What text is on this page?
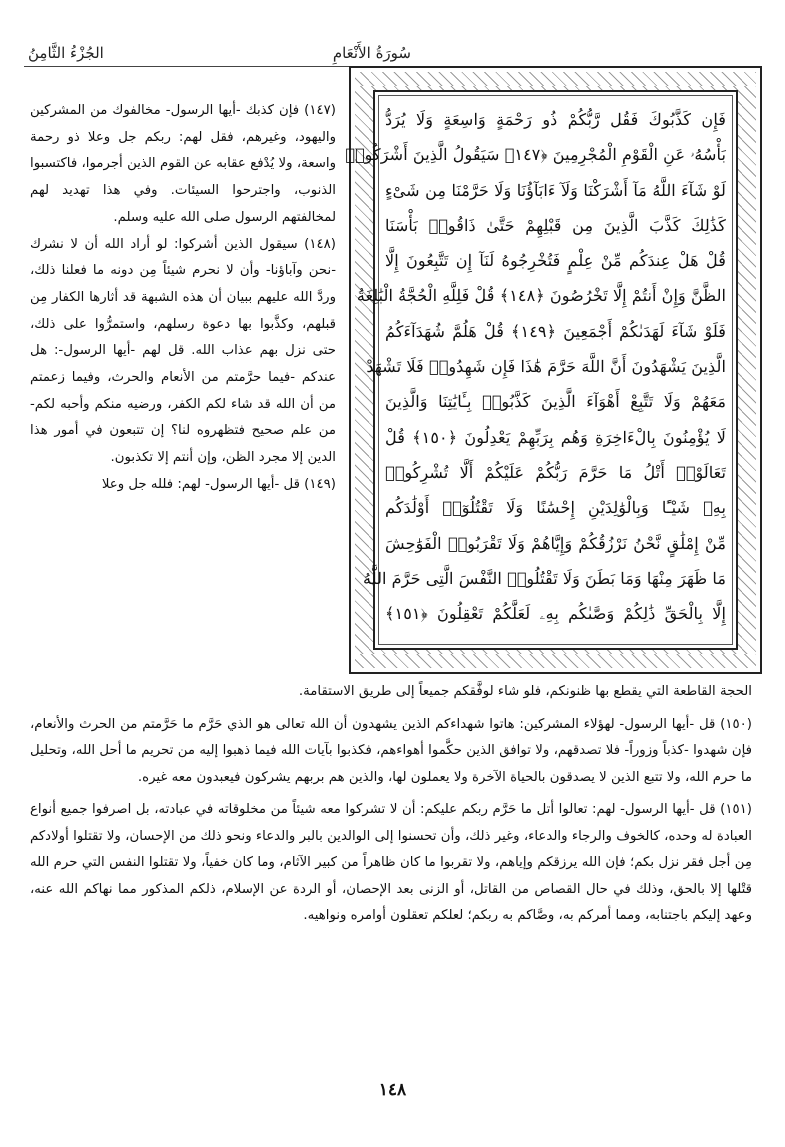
الجُزْءُ الثَّامِنُ	سُورَةُ الأَنْعَامِ
فَإِن كَذَّبُوكَ فَقُل رَّبُّكُمْ ذُو رَحْمَةٍ وَاسِعَةٍ وَلَا يُرَدُّ
بَأْسُهُۥ عَنِ الْقَوْمِ الْمُجْرِمِينَ ﴿١٤٧﴾ سَيَقُولُ الَّذِينَ أَشْرَكُوا۟
لَوْ شَآءَ اللَّهُ مَآ أَشْرَكْنَا وَلَآ ءَابَآؤُنَا وَلَا حَرَّمْنَا مِن شَىْءٍ
كَذَٰلِكَ كَذَّبَ الَّذِينَ مِن قَبْلِهِمْ حَتَّىٰ ذَاقُوا۟ بَأْسَنَا
قُلْ هَلْ عِندَكُم مِّنْ عِلْمٍ فَتُخْرِجُوهُ لَنَآ إِن تَتَّبِعُونَ إِلَّا
الظَّنَّ وَإِنْ أَنتُمْ إِلَّا تَخْرُصُونَ ﴿١٤٨﴾ قُلْ فَلِلَّهِ الْحُجَّةُ الْبَٰلِغَةُ
فَلَوْ شَآءَ لَهَدَىٰكُمْ أَجْمَعِينَ ﴿١٤٩﴾ قُلْ هَلُمَّ شُهَدَآءَكُمُ
الَّذِينَ يَشْهَدُونَ أَنَّ اللَّهَ حَرَّمَ هَٰذَا فَإِن شَهِدُوا۟ فَلَا تَشْهَدْ
مَعَهُمْ وَلَا تَتَّبِعْ أَهْوَآءَ الَّذِينَ كَذَّبُوا۟ بِـَٔايَٰتِنَا وَالَّذِينَ
لَا يُؤْمِنُونَ بِالْءَاخِرَةِ وَهُم بِرَبِّهِمْ يَعْدِلُونَ ﴿١٥٠﴾ قُلْ
تَعَالَوْا۟ أَتْلُ مَا حَرَّمَ رَبُّكُمْ عَلَيْكُمْ أَلَّا تُشْرِكُوا۟
بِهِۦ شَيْـًٔا وَبِالْوَٰلِدَيْنِ إِحْسَٰنًا وَلَا تَقْتُلُوٓا۟ أَوْلَٰدَكُم
مِّنْ إِمْلَٰقٍ نَّحْنُ نَرْزُقُكُمْ وَإِيَّاهُمْ وَلَا تَقْرَبُوا۟ الْفَوَٰحِشَ
مَا ظَهَرَ مِنْهَا وَمَا بَطَنَ وَلَا تَقْتُلُوا۟ النَّفْسَ الَّتِى حَرَّمَ اللَّهُ
إِلَّا بِالْحَقِّ ذَٰلِكُمْ وَصَّىٰكُم بِهِۦ لَعَلَّكُمْ تَعْقِلُونَ ﴿١٥١﴾

(١٤٧) فإن كذبك -أيها الرسول- مخالفوك من المشركين واليهود، وغيرهم، فقل لهم: ربكم جل وعلا ذو رحمة واسعة، ولا يُدْفع عقابه عن القوم الذين أجرموا، فاكتسبوا الذنوب، واجترحوا السيئات. وفي هذا تهديد لهم لمخالفتهم الرسول صلى الله عليه وسلم.

(١٤٨) سيقول الذين أشركوا: لو أراد الله أن لا نشرك -نحن وآباؤنا- وأن لا نحرم شيئاً مِن دونه ما فعلنا ذلك، وردَّ الله عليهم ببيان أن هذه الشبهة قد أثارها الكفار مِن قبلهم، وكذَّبوا بها دعوة رسلهم، واستمرُّوا على ذلك، حتى نزل بهم عذاب الله. قل لهم -أيها الرسول-: هل عندكم -فيما حرَّمتم من الأنعام والحرث، وفيما زعمتم من أن الله قد شاء لكم الكفر، ورضيه منكم وأحبه لكم- من علم صحيح فتظهروه لنا؟ إن تتبعون في أمور هذا الدين إلا مجرد الظن، وإن أنتم إلا تكذبون.

(١٤٩) قل -أيها الرسول- لهم: فلله جل وعلا

الحجة القاطعة التي يقطع بها ظنونكم، فلو شاء لوفَّقكم جميعاً إلى طريق الاستقامة.

(١٥٠) قل -أيها الرسول- لهؤلاء المشركين: هاتوا شهداءكم الذين يشهدون أن الله تعالى هو الذي حَرَّم ما حَرَّمتم من الحرث والأنعام، فإن شهدوا -كذباً وزوراً- فلا تصدقهم، ولا توافق الذين حكَّموا أهواءهم، فكذبوا بآيات الله فيما ذهبوا إليه من تحريم ما أحل الله، وتحليل ما حرم الله، ولا تتبع الذين لا يصدقون بالحياة الآخرة ولا يعملون لها، والذين هم بربهم يشركون فيعبدون معه غيره.

(١٥١) قل -أيها الرسول- لهم: تعالوا أتل ما حَرَّم ربكم عليكم: أن لا تشركوا معه شيئاً من مخلوقاته في عبادته، بل اصرفوا جميع أنواع العبادة له وحده، كالخوف والرجاء والدعاء، وغير ذلك، وأن تحسنوا إلى الوالدين بالبر والدعاء ونحو ذلك من الإحسان، ولا تقتلوا أولادكم مِن أجل فقر نزل بكم؛ فإن الله يرزقكم وإياهم، ولا تقربوا ما كان ظاهراً من كبير الآثام، وما كان خفياً، ولا تقتلوا النفس التي حرم الله قتْلها إلا بالحق، وذلك في حال القصاص من القاتل، أو الزنى بعد الإحصان، أو الردة عن الإسلام، ذلكم المذكور مما نهاكم الله عنه، وعهد إليكم باجتنابه، ومما أمركم به، وصَّاكم به ربكم؛ لعلكم تعقلون أوامره ونواهيه.

١٤٨
